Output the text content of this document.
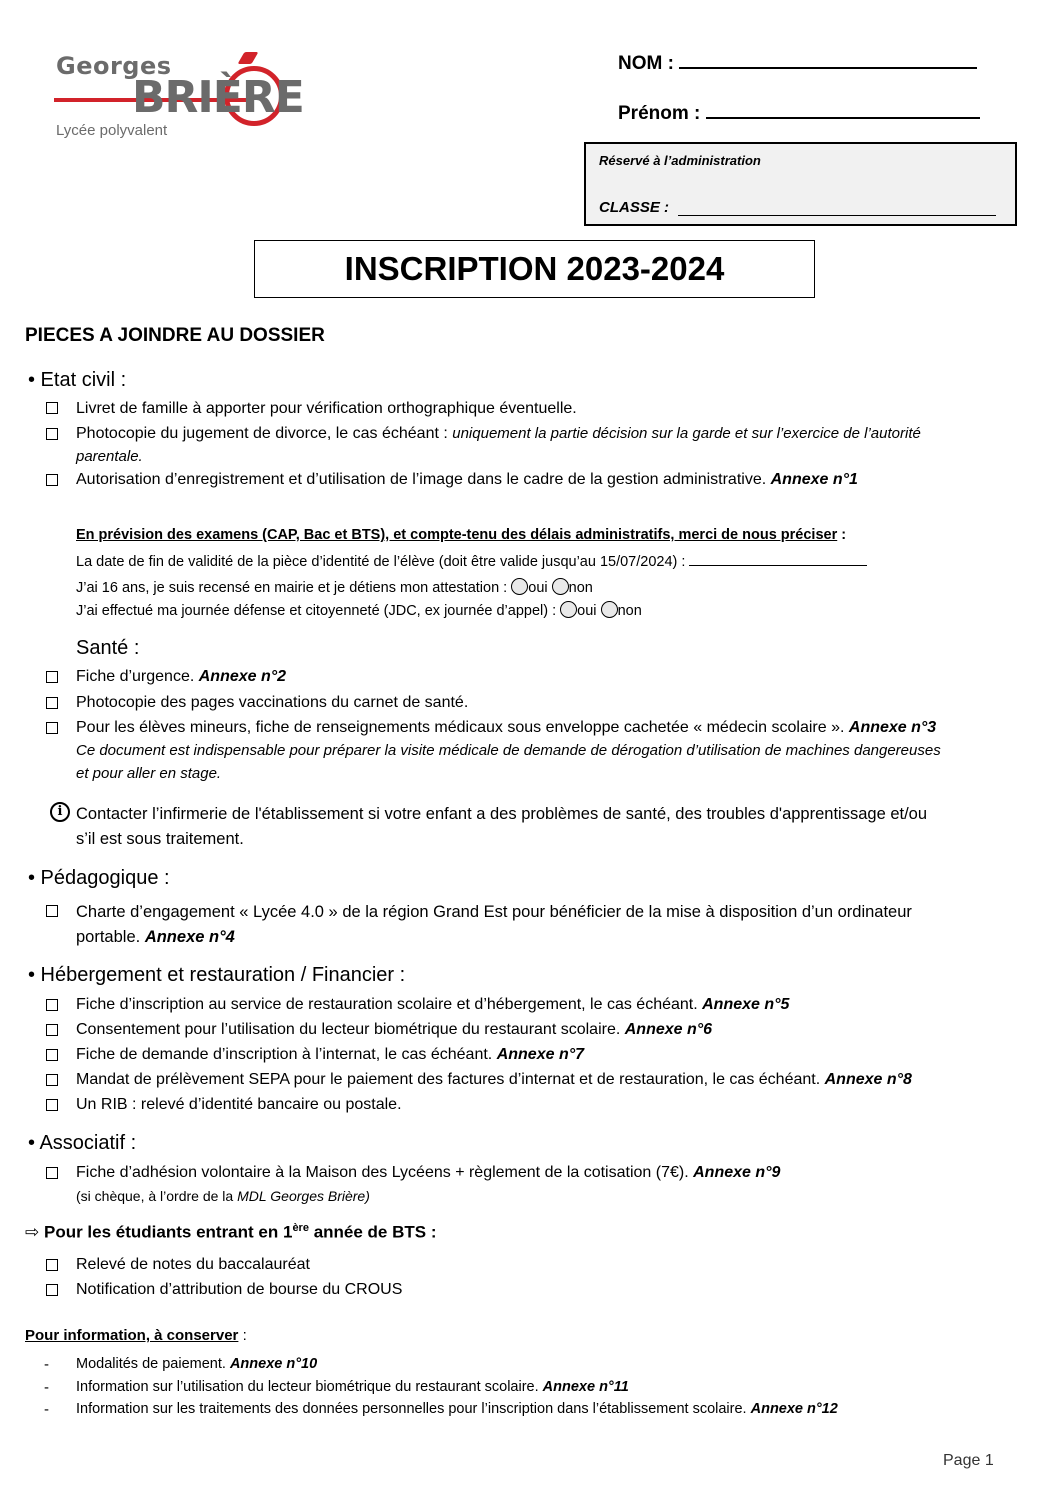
Georges
BRIÈRE
Lycée polyvalent
NOM :
Prénom :
Réservé à l’administration
CLASSE :
INSCRIPTION 2023-2024
PIECES A JOINDRE AU DOSSIER
• Etat civil :
Livret de famille à apporter pour vérification orthographique éventuelle.
Photocopie du jugement de divorce, le cas échéant : uniquement la partie décision sur la garde et sur l’exercice de l’autorité
parentale.
Autorisation d’enregistrement et d’utilisation de l’image dans le cadre de la gestion administrative. Annexe n°1
En prévision des examens (CAP, Bac et BTS), et compte-tenu des délais administratifs, merci de nous préciser :
La date de fin de validité de la pièce d’identité de l’élève (doit être valide jusqu’au 15/07/2024) :
J’ai 16 ans, je suis recensé en mairie et je détiens mon attestation : oui non
J’ai effectué ma journée défense et citoyenneté (JDC, ex journée d’appel) : oui non
Santé :
Fiche d’urgence. Annexe n°2
Photocopie des pages vaccinations du carnet de santé.
Pour les élèves mineurs, fiche de renseignements médicaux sous enveloppe cachetée « médecin scolaire ». Annexe n°3
Ce document est indispensable pour préparer la visite médicale de demande de dérogation d’utilisation de machines dangereuses
et pour aller en stage.
i Contacter l’infirmerie de l'établissement si votre enfant a des problèmes de santé, des troubles d'apprentissage et/ou
s’il est sous traitement.
• Pédagogique :
Charte d’engagement « Lycée 4.0 » de la région Grand Est pour bénéficier de la mise à disposition d’un ordinateur
portable. Annexe n°4
• Hébergement et restauration / Financier :
Fiche d’inscription au service de restauration scolaire et d’hébergement, le cas échéant. Annexe n°5
Consentement pour l’utilisation du lecteur biométrique du restaurant scolaire. Annexe n°6
Fiche de demande d’inscription à l’internat, le cas échéant. Annexe n°7
Mandat de prélèvement SEPA pour le paiement des factures d’internat et de restauration, le cas échéant. Annexe n°8
Un RIB : relevé d’identité bancaire ou postale.
• Associatif :
Fiche d’adhésion volontaire à la Maison des Lycéens + règlement de la cotisation (7€). Annexe n°9
(si chèque, à l’ordre de la MDL Georges Brière)
⇨ Pour les étudiants entrant en 1ère année de BTS :
Relevé de notes du baccalauréat
Notification d’attribution de bourse du CROUS
Pour information, à conserver :
- Modalités de paiement. Annexe n°10
- Information sur l’utilisation du lecteur biométrique du restaurant scolaire. Annexe n°11
- Information sur les traitements des données personnelles pour l’inscription dans l’établissement scolaire. Annexe n°12
Page 1
